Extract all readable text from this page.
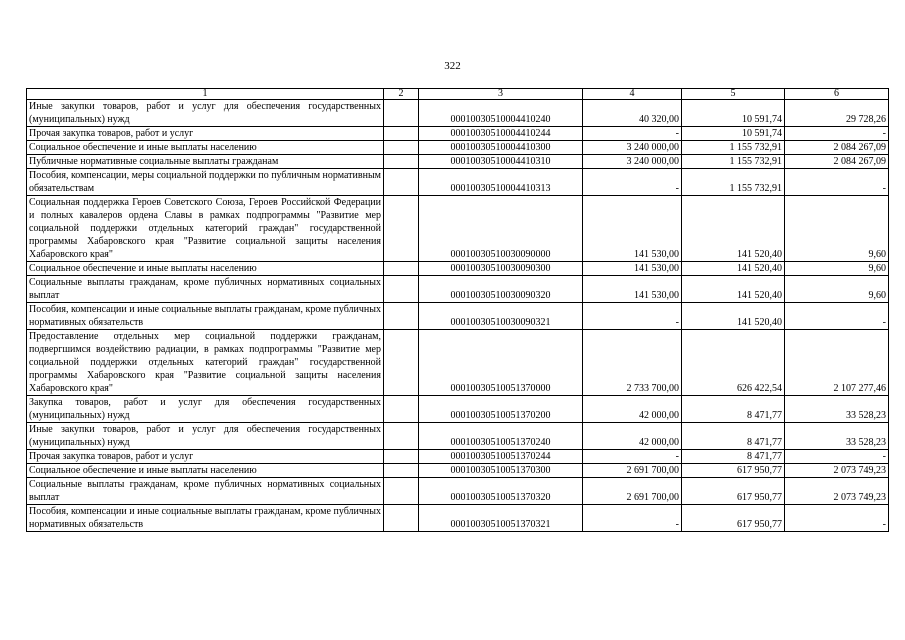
322
1	2	3	4	5	6
Иные закупки товаров, работ и услуг для обеспечения государственных (муниципальных) нужд		00010030510004410240	40 320,00	10 591,74	29 728,26
Прочая закупка товаров, работ и услуг		00010030510004410244	-	10 591,74	-
Социальное обеспечение и иные выплаты населению		00010030510004410300	3 240 000,00	1 155 732,91	2 084 267,09
Публичные нормативные социальные выплаты гражданам		00010030510004410310	3 240 000,00	1 155 732,91	2 084 267,09
Пособия, компенсации, меры социальной поддержки по публичным нормативным обязательствам		00010030510004410313	-	1 155 732,91	-
Социальная поддержка Героев Советского Союза, Героев Российской Федерации и полных кавалеров ордена Славы в рамках подпрограммы "Развитие мер социальной поддержки отдельных категорий граждан" государственной программы Хабаровского края "Развитие социальной защиты населения Хабаровского края"		00010030510030090000	141 530,00	141 520,40	9,60
Социальное обеспечение и иные выплаты населению		00010030510030090300	141 530,00	141 520,40	9,60
Социальные выплаты гражданам, кроме публичных нормативных социальных выплат		00010030510030090320	141 530,00	141 520,40	9,60
Пособия, компенсации и иные социальные выплаты гражданам, кроме публичных нормативных обязательств		00010030510030090321	-	141 520,40	-
Предоставление отдельных мер социальной поддержки гражданам, подвергшимся воздействию радиации, в рамках подпрограммы "Развитие мер социальной поддержки отдельных категорий граждан" государственной программы Хабаровского края "Развитие социальной защиты населения Хабаровского края"		00010030510051370000	2 733 700,00	626 422,54	2 107 277,46
Закупка товаров, работ и услуг для обеспечения государственных (муниципальных) нужд		00010030510051370200	42 000,00	8 471,77	33 528,23
Иные закупки товаров, работ и услуг для обеспечения государственных (муниципальных) нужд		00010030510051370240	42 000,00	8 471,77	33 528,23
Прочая закупка товаров, работ и услуг		00010030510051370244	-	8 471,77	-
Социальное обеспечение и иные выплаты населению		00010030510051370300	2 691 700,00	617 950,77	2 073 749,23
Социальные выплаты гражданам, кроме публичных нормативных социальных выплат		00010030510051370320	2 691 700,00	617 950,77	2 073 749,23
Пособия, компенсации и иные социальные выплаты гражданам, кроме публичных нормативных обязательств		00010030510051370321	-	617 950,77	-
